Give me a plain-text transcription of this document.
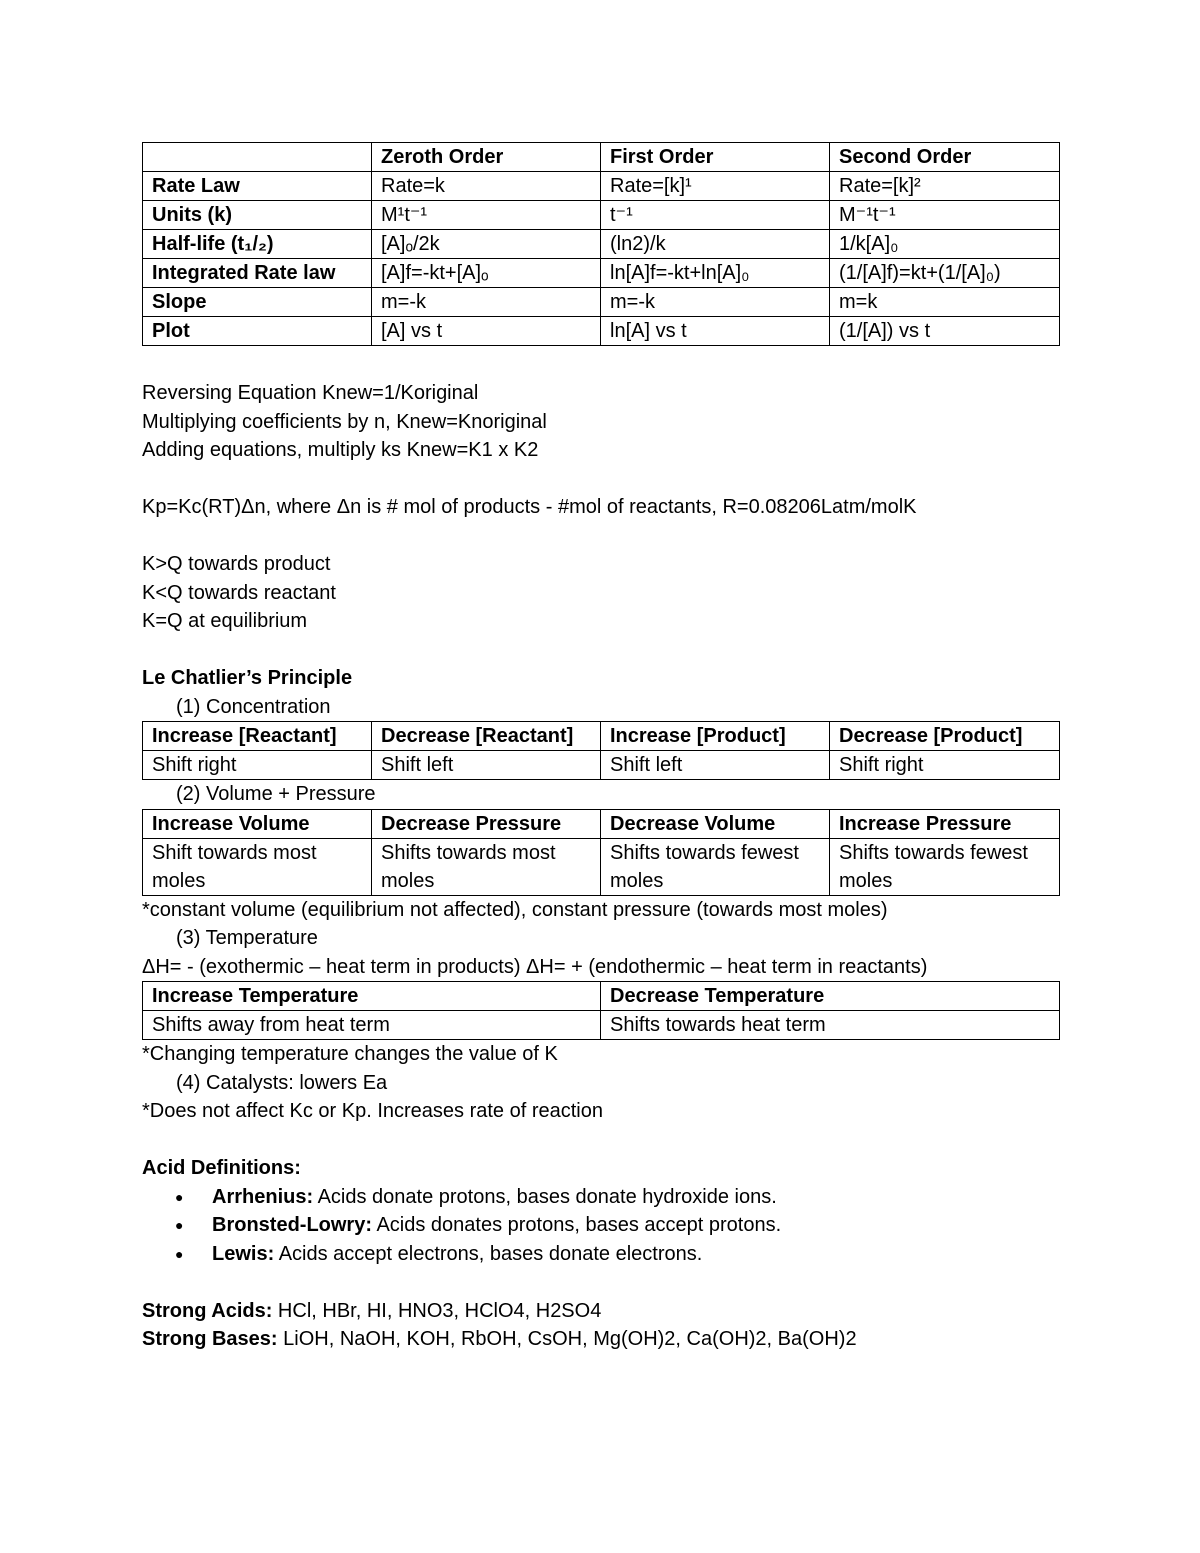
	Zeroth Order	First Order	Second Order
Rate Law	Rate=k	Rate=[k]¹	Rate=[k]²
Units (k)	M¹t⁻¹	t⁻¹	M⁻¹t⁻¹
Half-life (t₁/₂)	[A]ₒ/2k	(ln2)/k	1/k[A]₀
Integrated Rate law	[A]f=-kt+[A]ₒ	ln[A]f=-kt+ln[A]₀	(1/[A]f)=kt+(1/[A]₀)
Slope	m=-k	m=-k	m=k
Plot	[A] vs t	ln[A] vs t	(1/[A]) vs t
Reversing Equation Knew=1/Koriginal
Multiplying coefficients by n, Knew=Knoriginal
Adding equations, multiply ks Knew=K1 x K2
Kp=Kc(RT)Δn, where Δn is # mol of products - #mol of reactants, R=0.08206Latm/molK
K>Q towards product
K<Q towards reactant
K=Q at equilibrium
Le Chatlier’s Principle
(1) Concentration
Increase [Reactant]	Decrease [Reactant]	Increase [Product]	Decrease [Product]
Shift right	Shift left	Shift left	Shift right
(2) Volume + Pressure
Increase Volume	Decrease Pressure	Decrease Volume	Increase Pressure
Shift towards most moles	Shifts towards most moles	Shifts towards fewest moles	Shifts towards fewest moles
*constant volume (equilibrium not affected), constant pressure (towards most moles)
(3) Temperature
ΔH= - (exothermic – heat term in products) ΔH= + (endothermic – heat term in reactants)
Increase Temperature	Decrease Temperature
Shifts away from heat term	Shifts towards heat term
*Changing temperature changes the value of K
(4) Catalysts: lowers Ea
*Does not affect Kc or Kp. Increases rate of reaction
Acid Definitions:
● Arrhenius: Acids donate protons, bases donate hydroxide ions.
● Bronsted-Lowry: Acids donates protons, bases accept protons.
● Lewis: Acids accept electrons, bases donate electrons.
Strong Acids: HCl, HBr, HI, HNO3, HClO4, H2SO4
Strong Bases: LiOH, NaOH, KOH, RbOH, CsOH, Mg(OH)2, Ca(OH)2, Ba(OH)2
